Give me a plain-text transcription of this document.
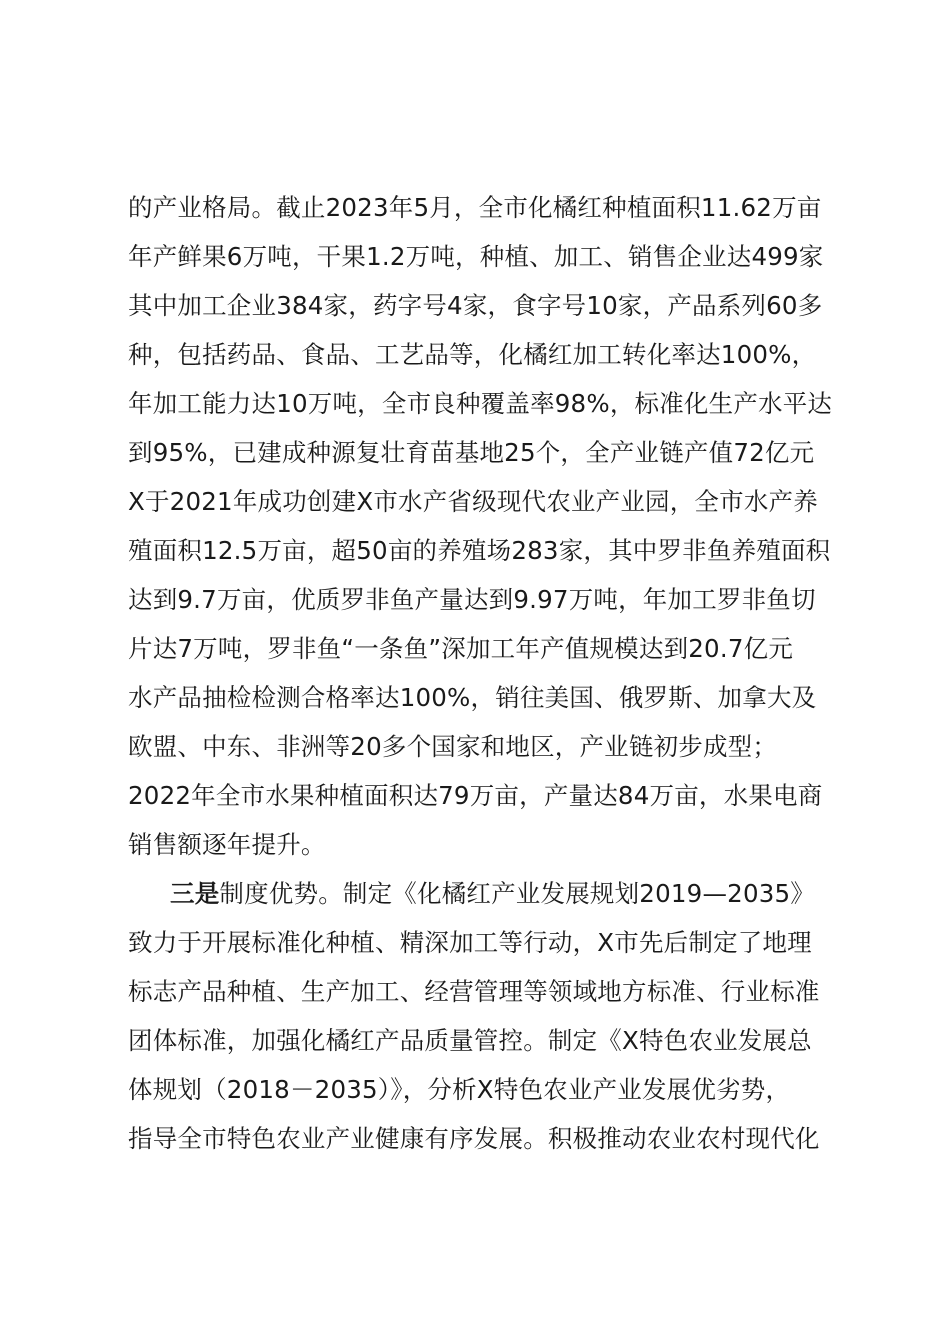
的产业格局。截止2023年5月，全市化橘红种植面积11.62万亩
年产鲜果6万吨，干果1.2万吨，种植、加工、销售企业达499家
其中加工企业384家，药字号4家，食字号10家，产品系列60多
种，包括药品、食品、工艺品等，化橘红加工转化率达100%，
年加工能力达10万吨，全市良种覆盖率98%，标准化生产水平达
到95%，已建成种源复壮育苗基地25个，全产业链产值72亿元
X于2021年成功创建X市水产省级现代农业产业园，全市水产养
殖面积12.5万亩，超50亩的养殖场283家，其中罗非鱼养殖面积
达到9.7万亩，优质罗非鱼产量达到9.97万吨，年加工罗非鱼切
片达7万吨，罗非鱼“一条鱼”深加工年产值规模达到20.7亿元
水产品抽检检测合格率达100%，销往美国、俄罗斯、加拿大及
欧盟、中东、非洲等20多个国家和地区，产业链初步成型；
2022年全市水果种植面积达79万亩，产量达84万亩，水果电商
销售额逐年提升。
三是制度优势。制定《化橘红产业发展规划2019—2035》
致力于开展标准化种植、精深加工等行动，X市先后制定了地理
标志产品种植、生产加工、经营管理等领域地方标准、行业标准
团体标准，加强化橘红产品质量管控。制定《X特色农业发展总
体规划（2018－2035）》，分析X特色农业产业发展优劣势，
指导全市特色农业产业健康有序发展。积极推动农业农村现代化
